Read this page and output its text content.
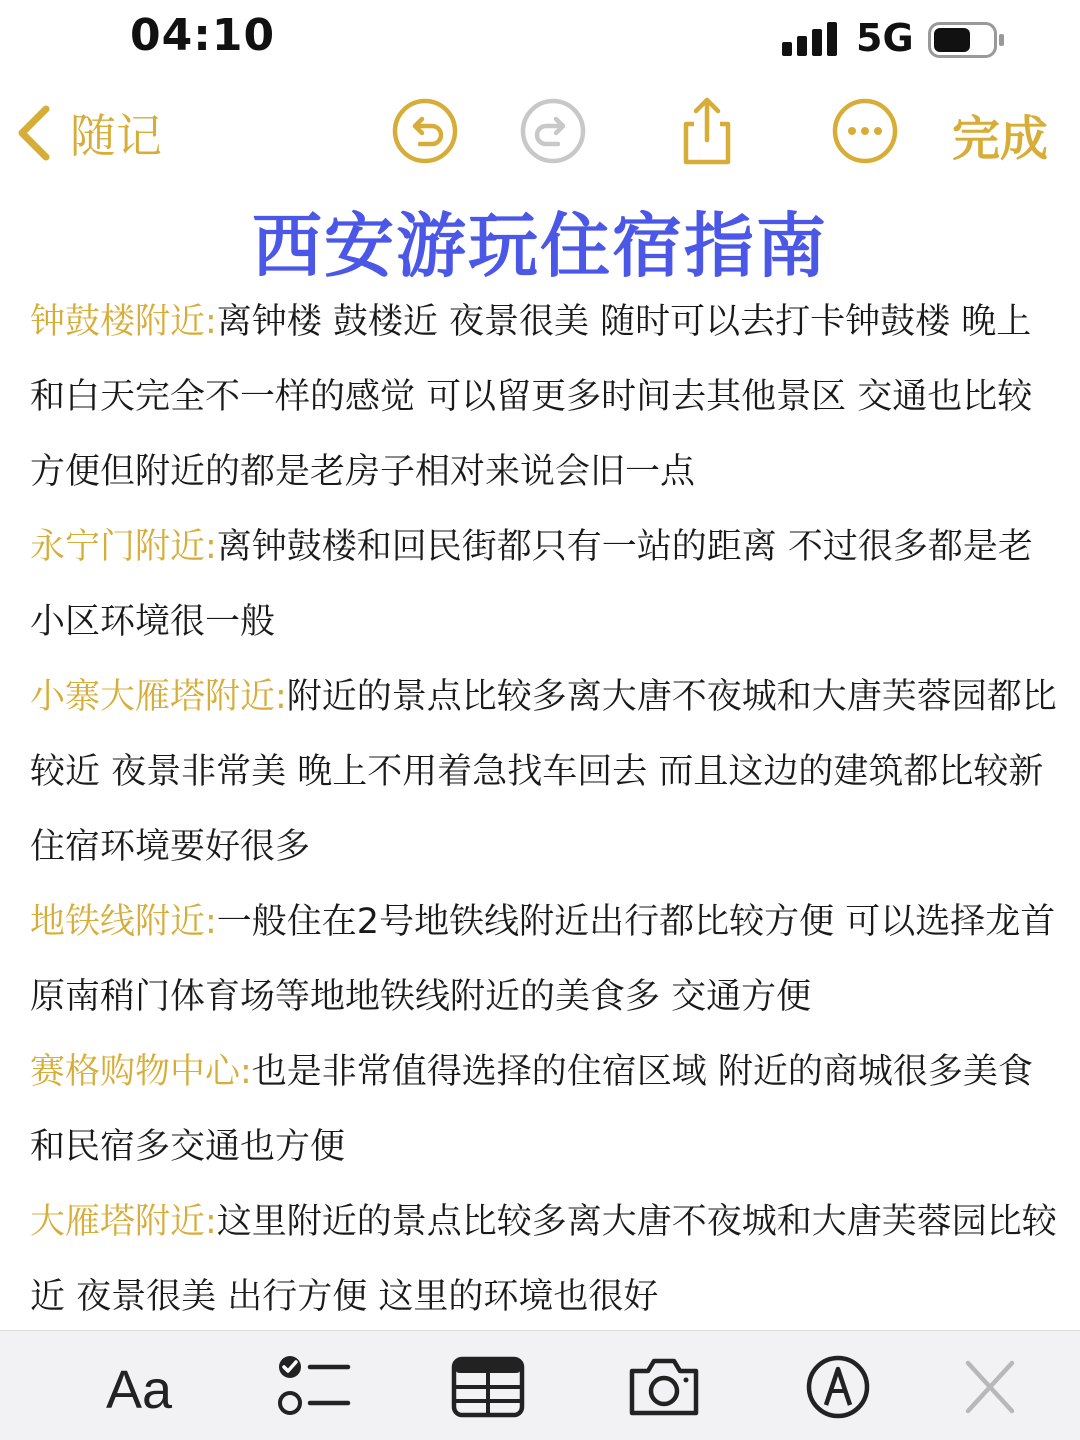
04:10	5G
随记	完成
西安游玩住宿指南

钟鼓楼附近:离钟楼 鼓楼近 夜景很美 随时可以去打卡钟鼓楼 晚上和白天完全不一样的感觉 可以留更多时间去其他景区 交通也比较方便但附近的都是老房子相对来说会旧一点

永宁门附近:离钟鼓楼和回民街都只有一站的距离 不过很多都是老小区环境很一般

小寨大雁塔附近:附近的景点比较多离大唐不夜城和大唐芙蓉园都比较近 夜景非常美 晚上不用着急找车回去 而且这边的建筑都比较新住宿环境要好很多

地铁线附近:一般住在2号地铁线附近出行都比较方便 可以选择龙首原南稍门体育场等地地铁线附近的美食多 交通方便

赛格购物中心:也是非常值得选择的住宿区域 附近的商城很多美食和民宿多交通也方便

大雁塔附近:这里附近的景点比较多离大唐不夜城和大唐芙蓉园比较近 夜景很美 出行方便 这里的环境也很好

Aa
